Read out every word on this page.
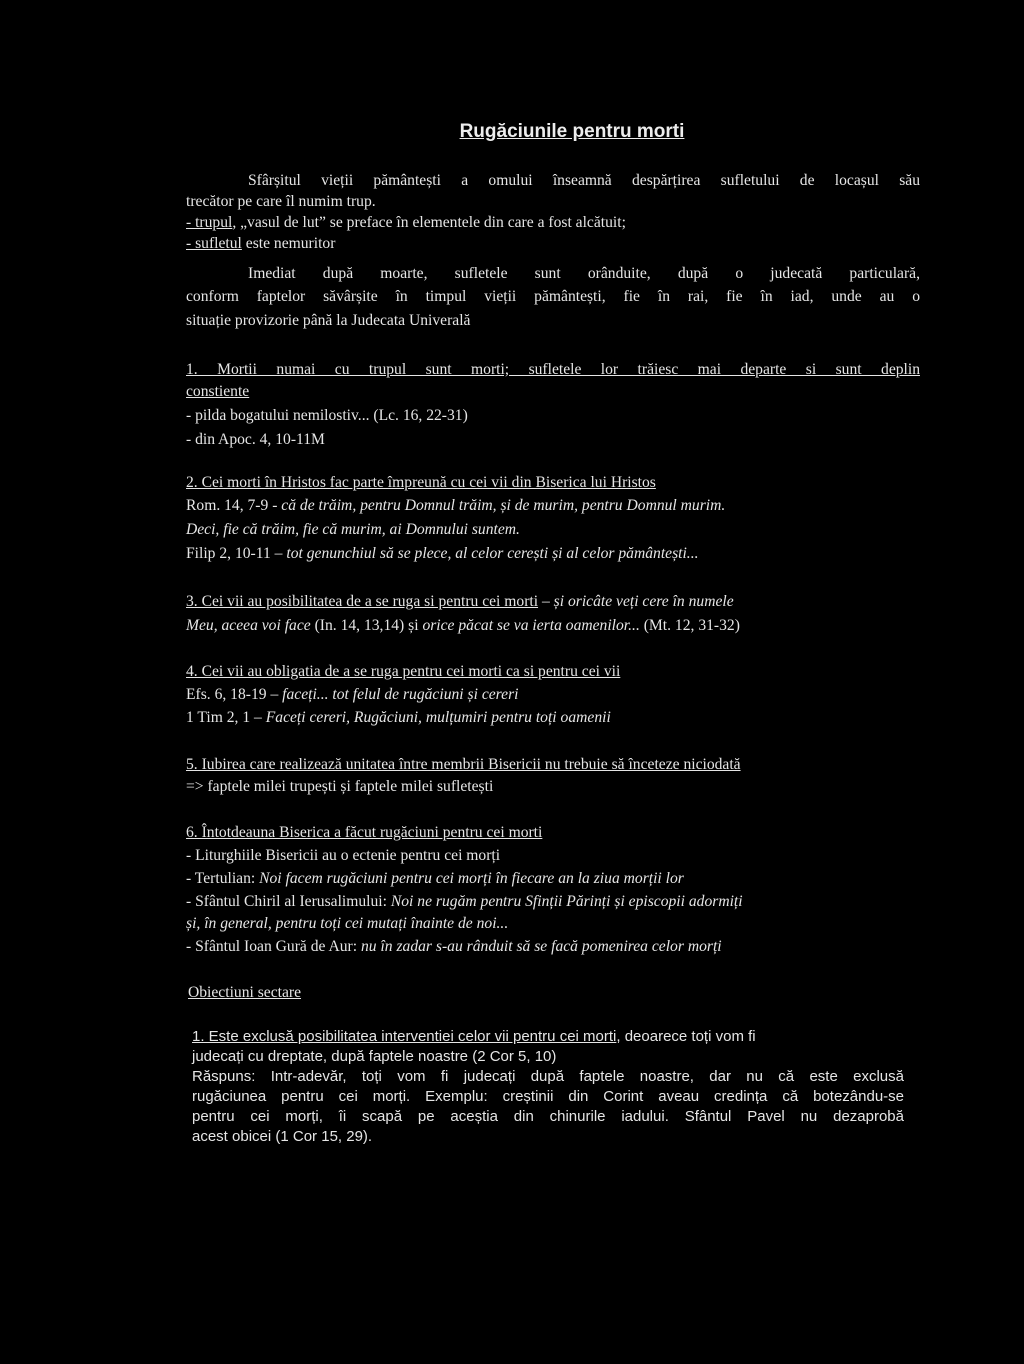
Rugăciunile pentru morti

Sfârșitul vieții pământești a omului înseamnă despărțirea sufletului de locașul său

trecător pe care îl numim trup.

- trupul, „vasul de lut” se preface în elementele din care a fost alcătuit;

- sufletul este nemuritor

Imediat după moarte, sufletele sunt orânduite, după o judecată particulară,

conform faptelor săvârșite în timpul vieții pământești, fie în rai, fie în iad, unde au o

situație provizorie până la Judecata Univerală

1. Mortii numai cu trupul sunt morti; sufletele lor trăiesc mai departe si sunt deplin

constiente

- pilda bogatului nemilostiv... (Lc. 16, 22-31)

- din Apoc. 4, 10-11M

2. Cei morti în Hristos fac parte împreună cu cei vii din Biserica lui Hristos

Rom. 14, 7-9 - că de trăim, pentru Domnul trăim, și de murim, pentru Domnul murim.

Deci, fie că trăim, fie că murim, ai Domnului suntem.

Filip 2, 10-11 – tot genunchiul să se plece, al celor cerești și al celor pământești...

3. Cei vii au posibilitatea de a se ruga si pentru cei morti – și oricâte veți cere în numele

Meu, aceea voi face (In. 14, 13,14) și orice păcat se va ierta oamenilor... (Mt. 12, 31-32)

4. Cei vii au obligatia de a se ruga pentru cei morti ca si pentru cei vii

Efs. 6, 18-19 – faceți... tot felul de rugăciuni și cereri

1 Tim 2, 1 – Faceți cereri, Rugăciuni, mulțumiri pentru toți oamenii

5. Iubirea care realizează unitatea între membrii Bisericii nu trebuie să înceteze niciodată

=> faptele milei trupești și faptele milei sufletești

6. Întotdeauna Biserica a făcut rugăciuni pentru cei morti

- Liturghiile Bisericii au o ectenie pentru cei morți

- Tertulian: Noi facem rugăciuni pentru cei morți în fiecare an la ziua morții lor

- Sfântul Chiril al Ierusalimului: Noi ne rugăm pentru Sfinții Părinți și episcopii adormiți

și, în general, pentru toți cei mutați înainte de noi...

- Sfântul Ioan Gură de Aur: nu în zadar s-au rânduit să se facă pomenirea celor morți

Obiectiuni sectare

1. Este exclusă posibilitatea interventiei celor vii pentru cei morti, deoarece toți vom fi

judecați cu dreptate, după faptele noastre (2 Cor 5, 10)

Răspuns: Intr-adevăr, toți vom fi judecați după faptele noastre, dar nu că este exclusă

rugăciunea pentru cei morți. Exemplu: creștinii din Corint aveau credința că botezându-se

pentru cei morți, îi scapă pe aceștia din chinurile iadului. Sfântul Pavel nu dezaprobă

acest obicei (1 Cor 15, 29).
